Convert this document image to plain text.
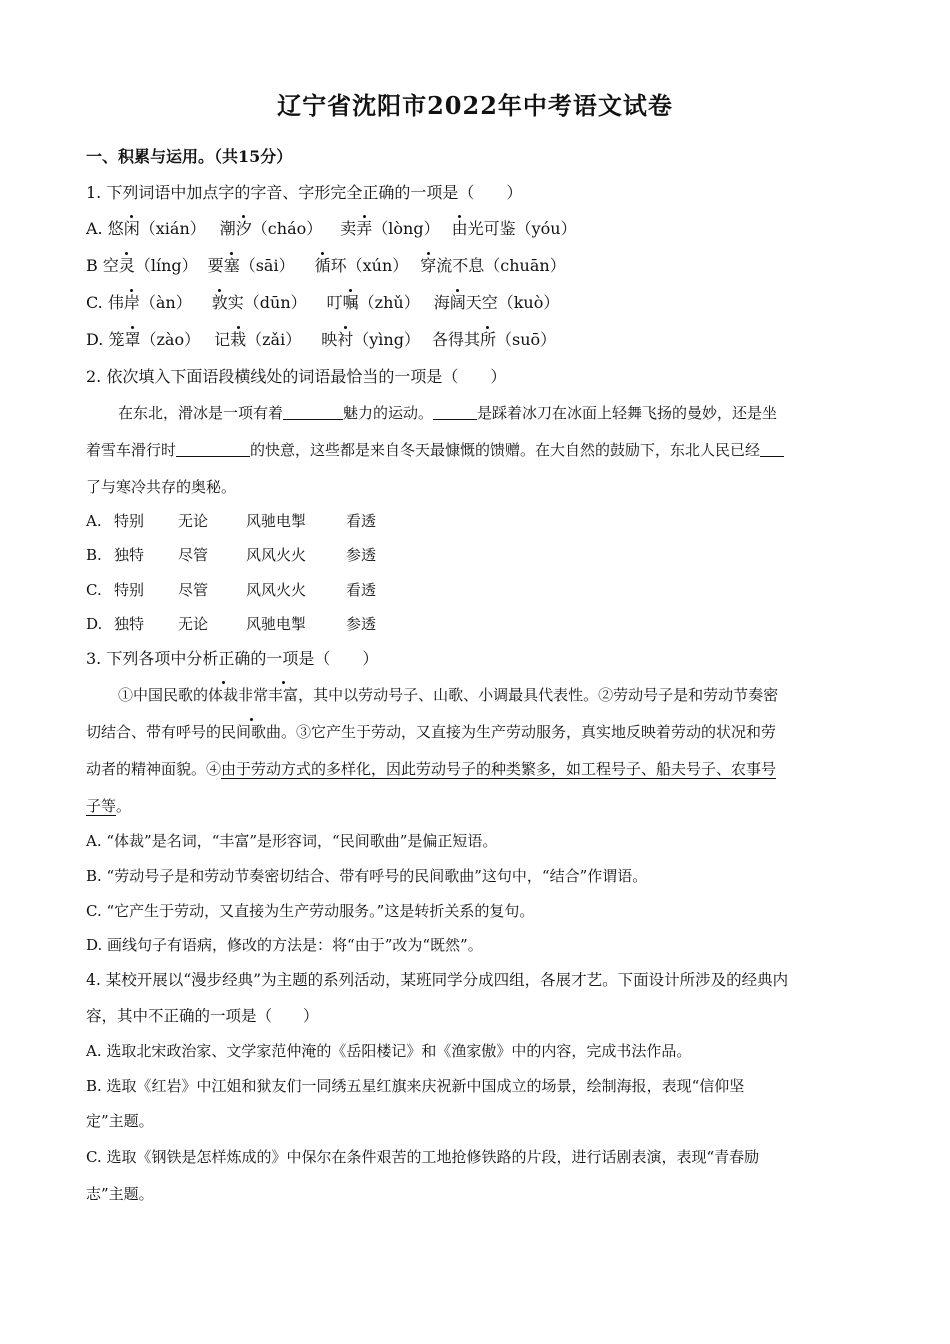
辽宁省沈阳市2022年中考语文试卷
一、积累与运用。（共15分）
1. 下列词语中加点字的字音、字形完全正确的一项是（　　）
A. 悠闲（xián） 潮汐（cháo） 卖弄（lòng） 由光可鉴（yóu）
B 空灵（líng） 要塞（sāi） 循环（xún） 穿流不息（chuān）
C. 伟岸（àn） 敦实（dūn） 叮嘱（zhǔ） 海阔天空（kuò）
D. 笼罩（zào） 记栽（zǎi） 映衬（yìng） 各得其所（suō）
2. 依次填入下面语段横线处的词语最恰当的一项是（　　）
在东北，滑冰是一项有着	魅力的运动。	是踩着冰刀在冰面上轻舞飞扬的曼妙，还是坐
着雪车滑行时	的快意，这些都是来自冬天最慷慨的馈赠。在大自然的鼓励下，东北人民已经
了与寒冷共存的奥秘。
A. 特别 无论	风驰电掣	看透
B. 独特 尽管	风风火火	参透
C. 特别 尽管	风风火火	看透
D. 独特 无论	风驰电掣	参透
3. 下列各项中分析正确的一项是（　　）
①中国民歌的体裁非常丰富，其中以劳动号子、山歌、小调最具代表性。②劳动号子是和劳动节奏密
切结合、带有呼号的民间歌曲。③它产生于劳动，又直接为生产劳动服务，真实地反映着劳动的状况和劳
动者的精神面貌。④由于劳动方式的多样化，因此劳动号子的种类繁多，如工程号子、船夫号子、农事号
子等。
A. “体裁”是名词，“丰富”是形容词，“民间歌曲”是偏正短语。
B. “劳动号子是和劳动节奏密切结合、带有呼号的民间歌曲”这句中，“结合”作谓语。
C. “它产生于劳动，又直接为生产劳动服务。”这是转折关系的复句。
D. 画线句子有语病，修改的方法是：将“由于”改为“既然”。
4. 某校开展以“漫步经典”为主题的系列活动，某班同学分成四组，各展才艺。下面设计所涉及的经典内
容，其中不正确的一项是（　　）
A. 选取北宋政治家、文学家范仲淹的《岳阳楼记》和《渔家傲》中的内容，完成书法作品。
B. 选取《红岩》中江姐和狱友们一同绣五星红旗来庆祝新中国成立的场景，绘制海报，表现“信仰坚
定”主题。
C. 选取《钢铁是怎样炼成的》中保尔在条件艰苦的工地抢修铁路的片段，进行话剧表演，表现“青春励
志”主题。
